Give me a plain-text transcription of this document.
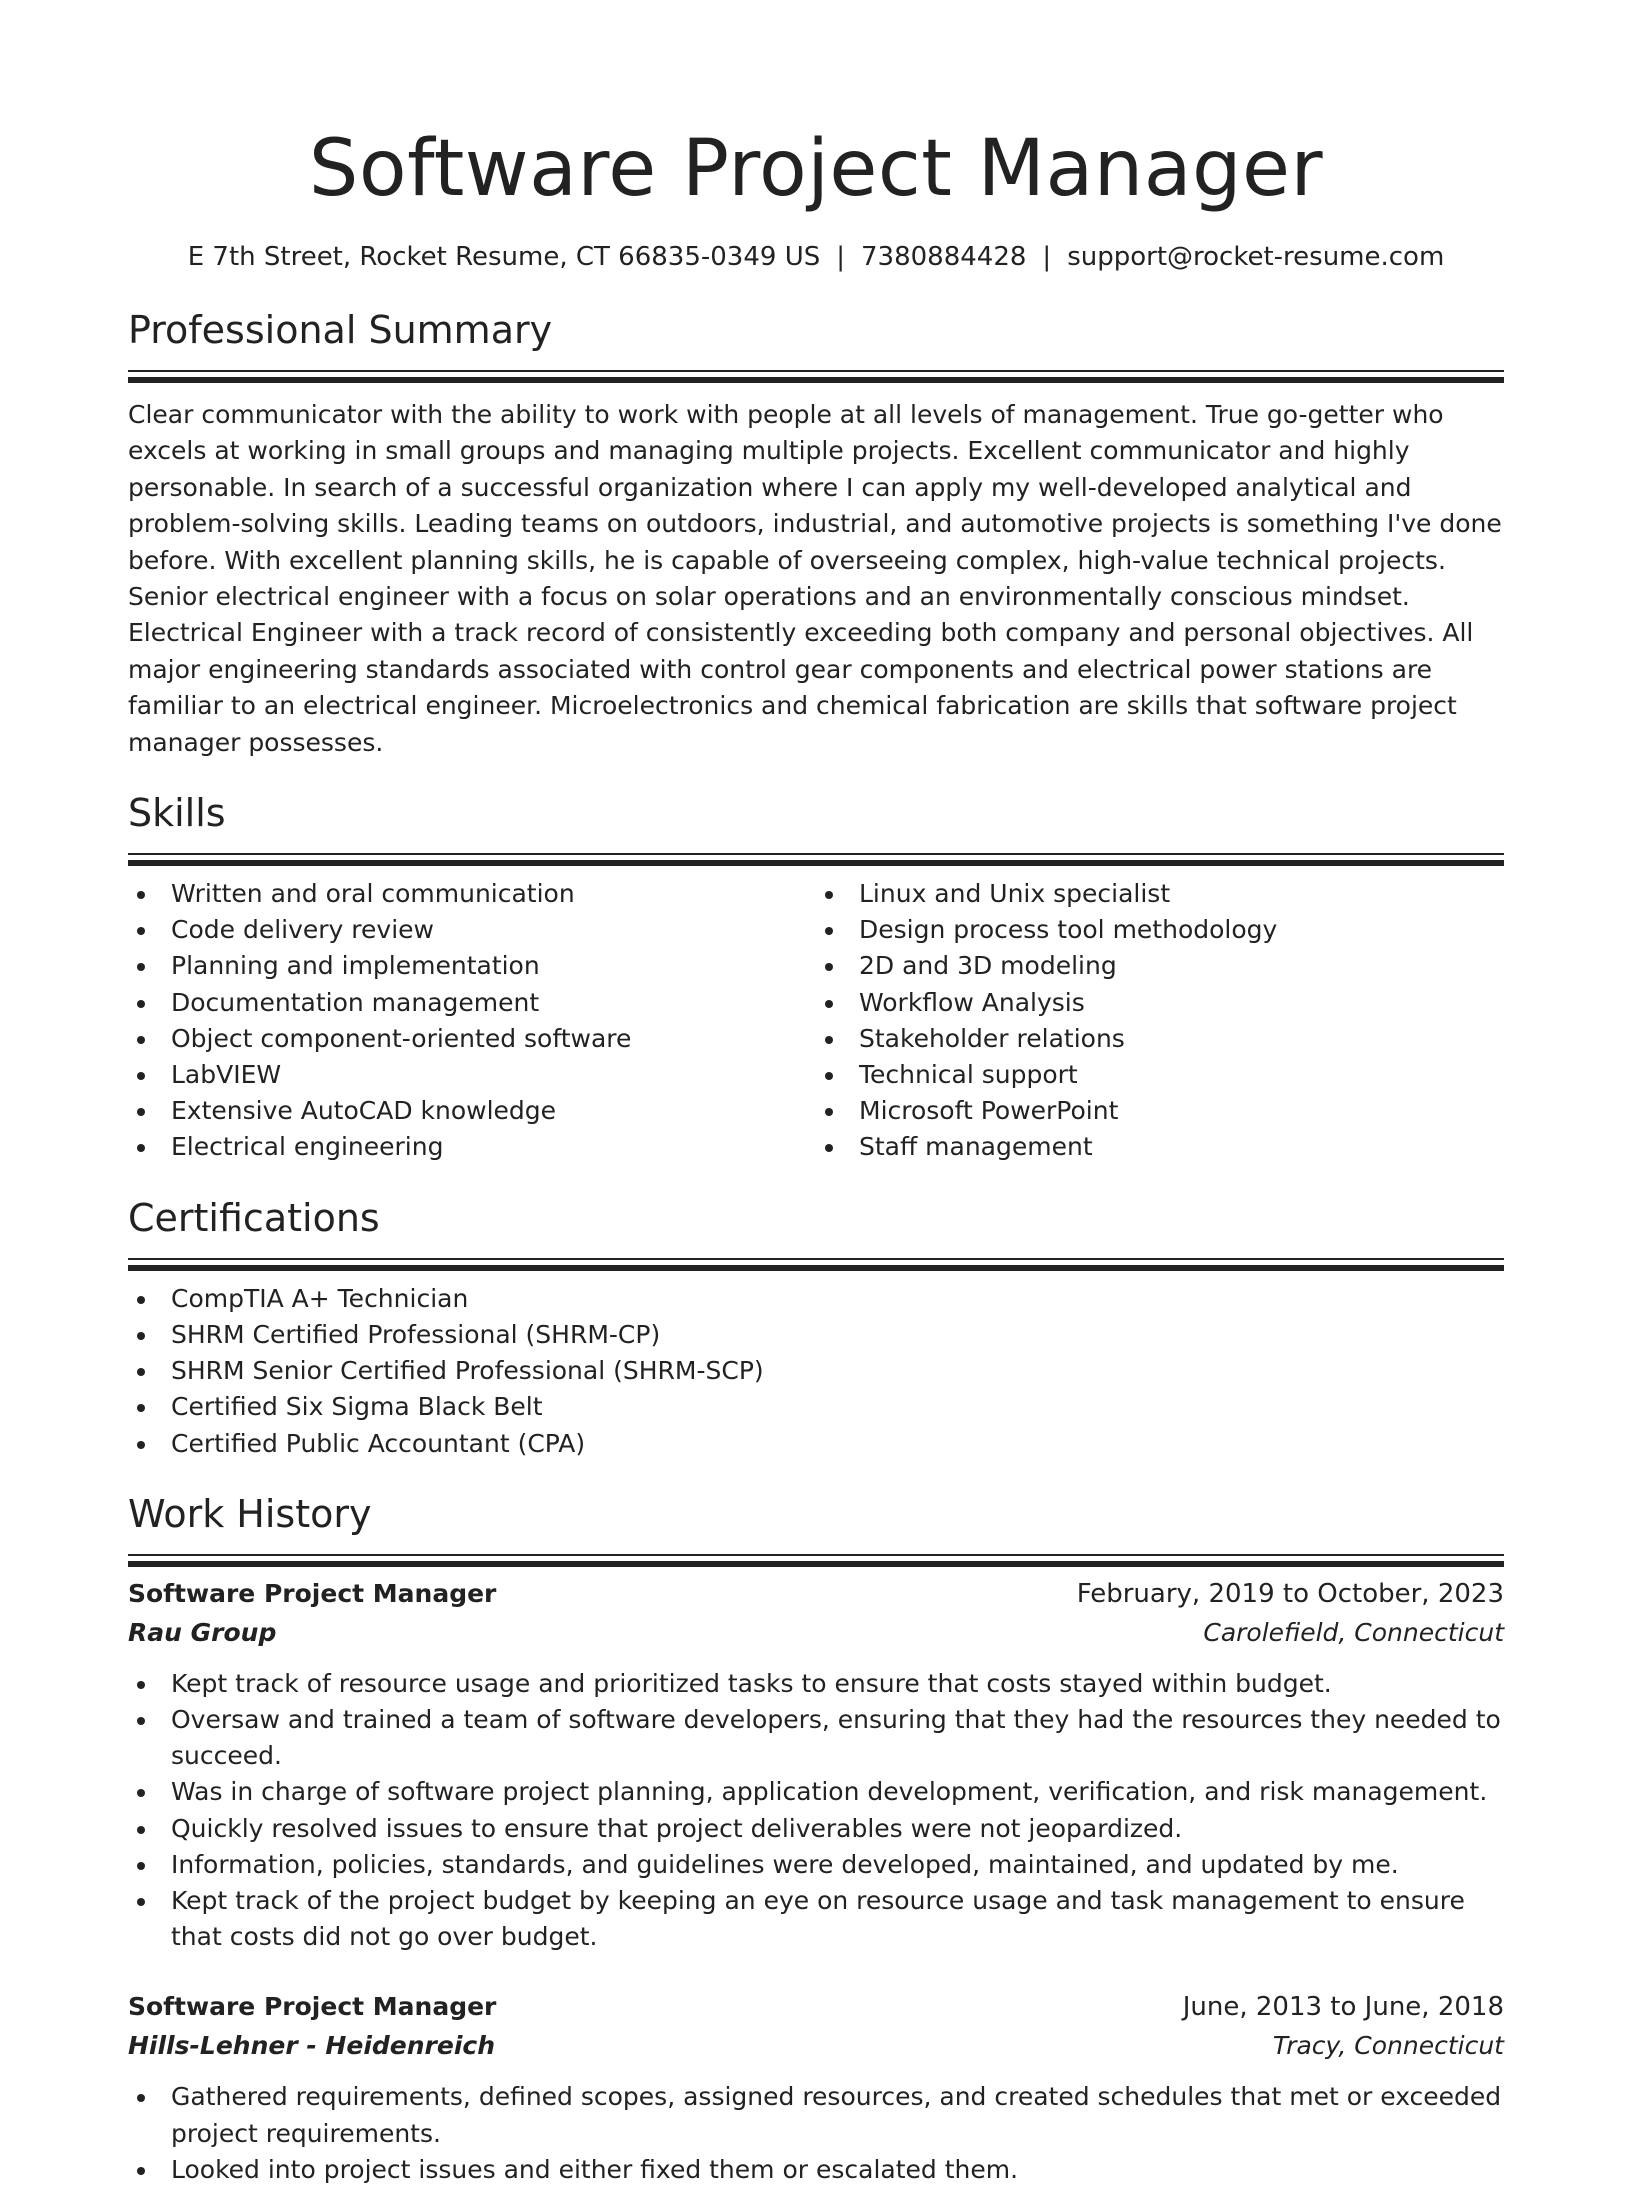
Software Project Manager
E 7th Street, Rocket Resume, CT 66835-0349 US | 7380884428 | support@rocket-resume.com
Professional Summary

Clear communicator with the ability to work with people at all levels of management. True go-getter who excels at working in small groups and managing multiple projects. Excellent communicator and highly personable. In search of a successful organization where I can apply my well-developed analytical and problem-solving skills. Leading teams on outdoors, industrial, and automotive projects is something I've done before. With excellent planning skills, he is capable of overseeing complex, high-value technical projects. Senior electrical engineer with a focus on solar operations and an environmentally conscious mindset. Electrical Engineer with a track record of consistently exceeding both company and personal objectives. All major engineering standards associated with control gear components and electrical power stations are familiar to an electrical engineer. Microelectronics and chemical fabrication are skills that software project manager possesses.

Skills
Written and oral communication
Code delivery review
Planning and implementation
Documentation management
Object component-oriented software
LabVIEW
Extensive AutoCAD knowledge
Electrical engineering
Linux and Unix specialist
Design process tool methodology
2D and 3D modeling
Workflow Analysis
Stakeholder relations
Technical support
Microsoft PowerPoint
Staff management
Certifications
CompTIA A+ Technician
SHRM Certified Professional (SHRM-CP)
SHRM Senior Certified Professional (SHRM-SCP)
Certified Six Sigma Black Belt
Certified Public Accountant (CPA)
Work History
Software Project Manager	February, 2019 to October, 2023
Rau Group	Carolefield, Connecticut
Kept track of resource usage and prioritized tasks to ensure that costs stayed within budget.
Oversaw and trained a team of software developers, ensuring that they had the resources they needed to succeed.
Was in charge of software project planning, application development, verification, and risk management.
Quickly resolved issues to ensure that project deliverables were not jeopardized.
Information, policies, standards, and guidelines were developed, maintained, and updated by me.
Kept track of the project budget by keeping an eye on resource usage and task management to ensure that costs did not go over budget.
Software Project Manager	June, 2013 to June, 2018
Hills-Lehner - Heidenreich	Tracy, Connecticut
Gathered requirements, defined scopes, assigned resources, and created schedules that met or exceeded project requirements.
Looked into project issues and either fixed them or escalated them.
